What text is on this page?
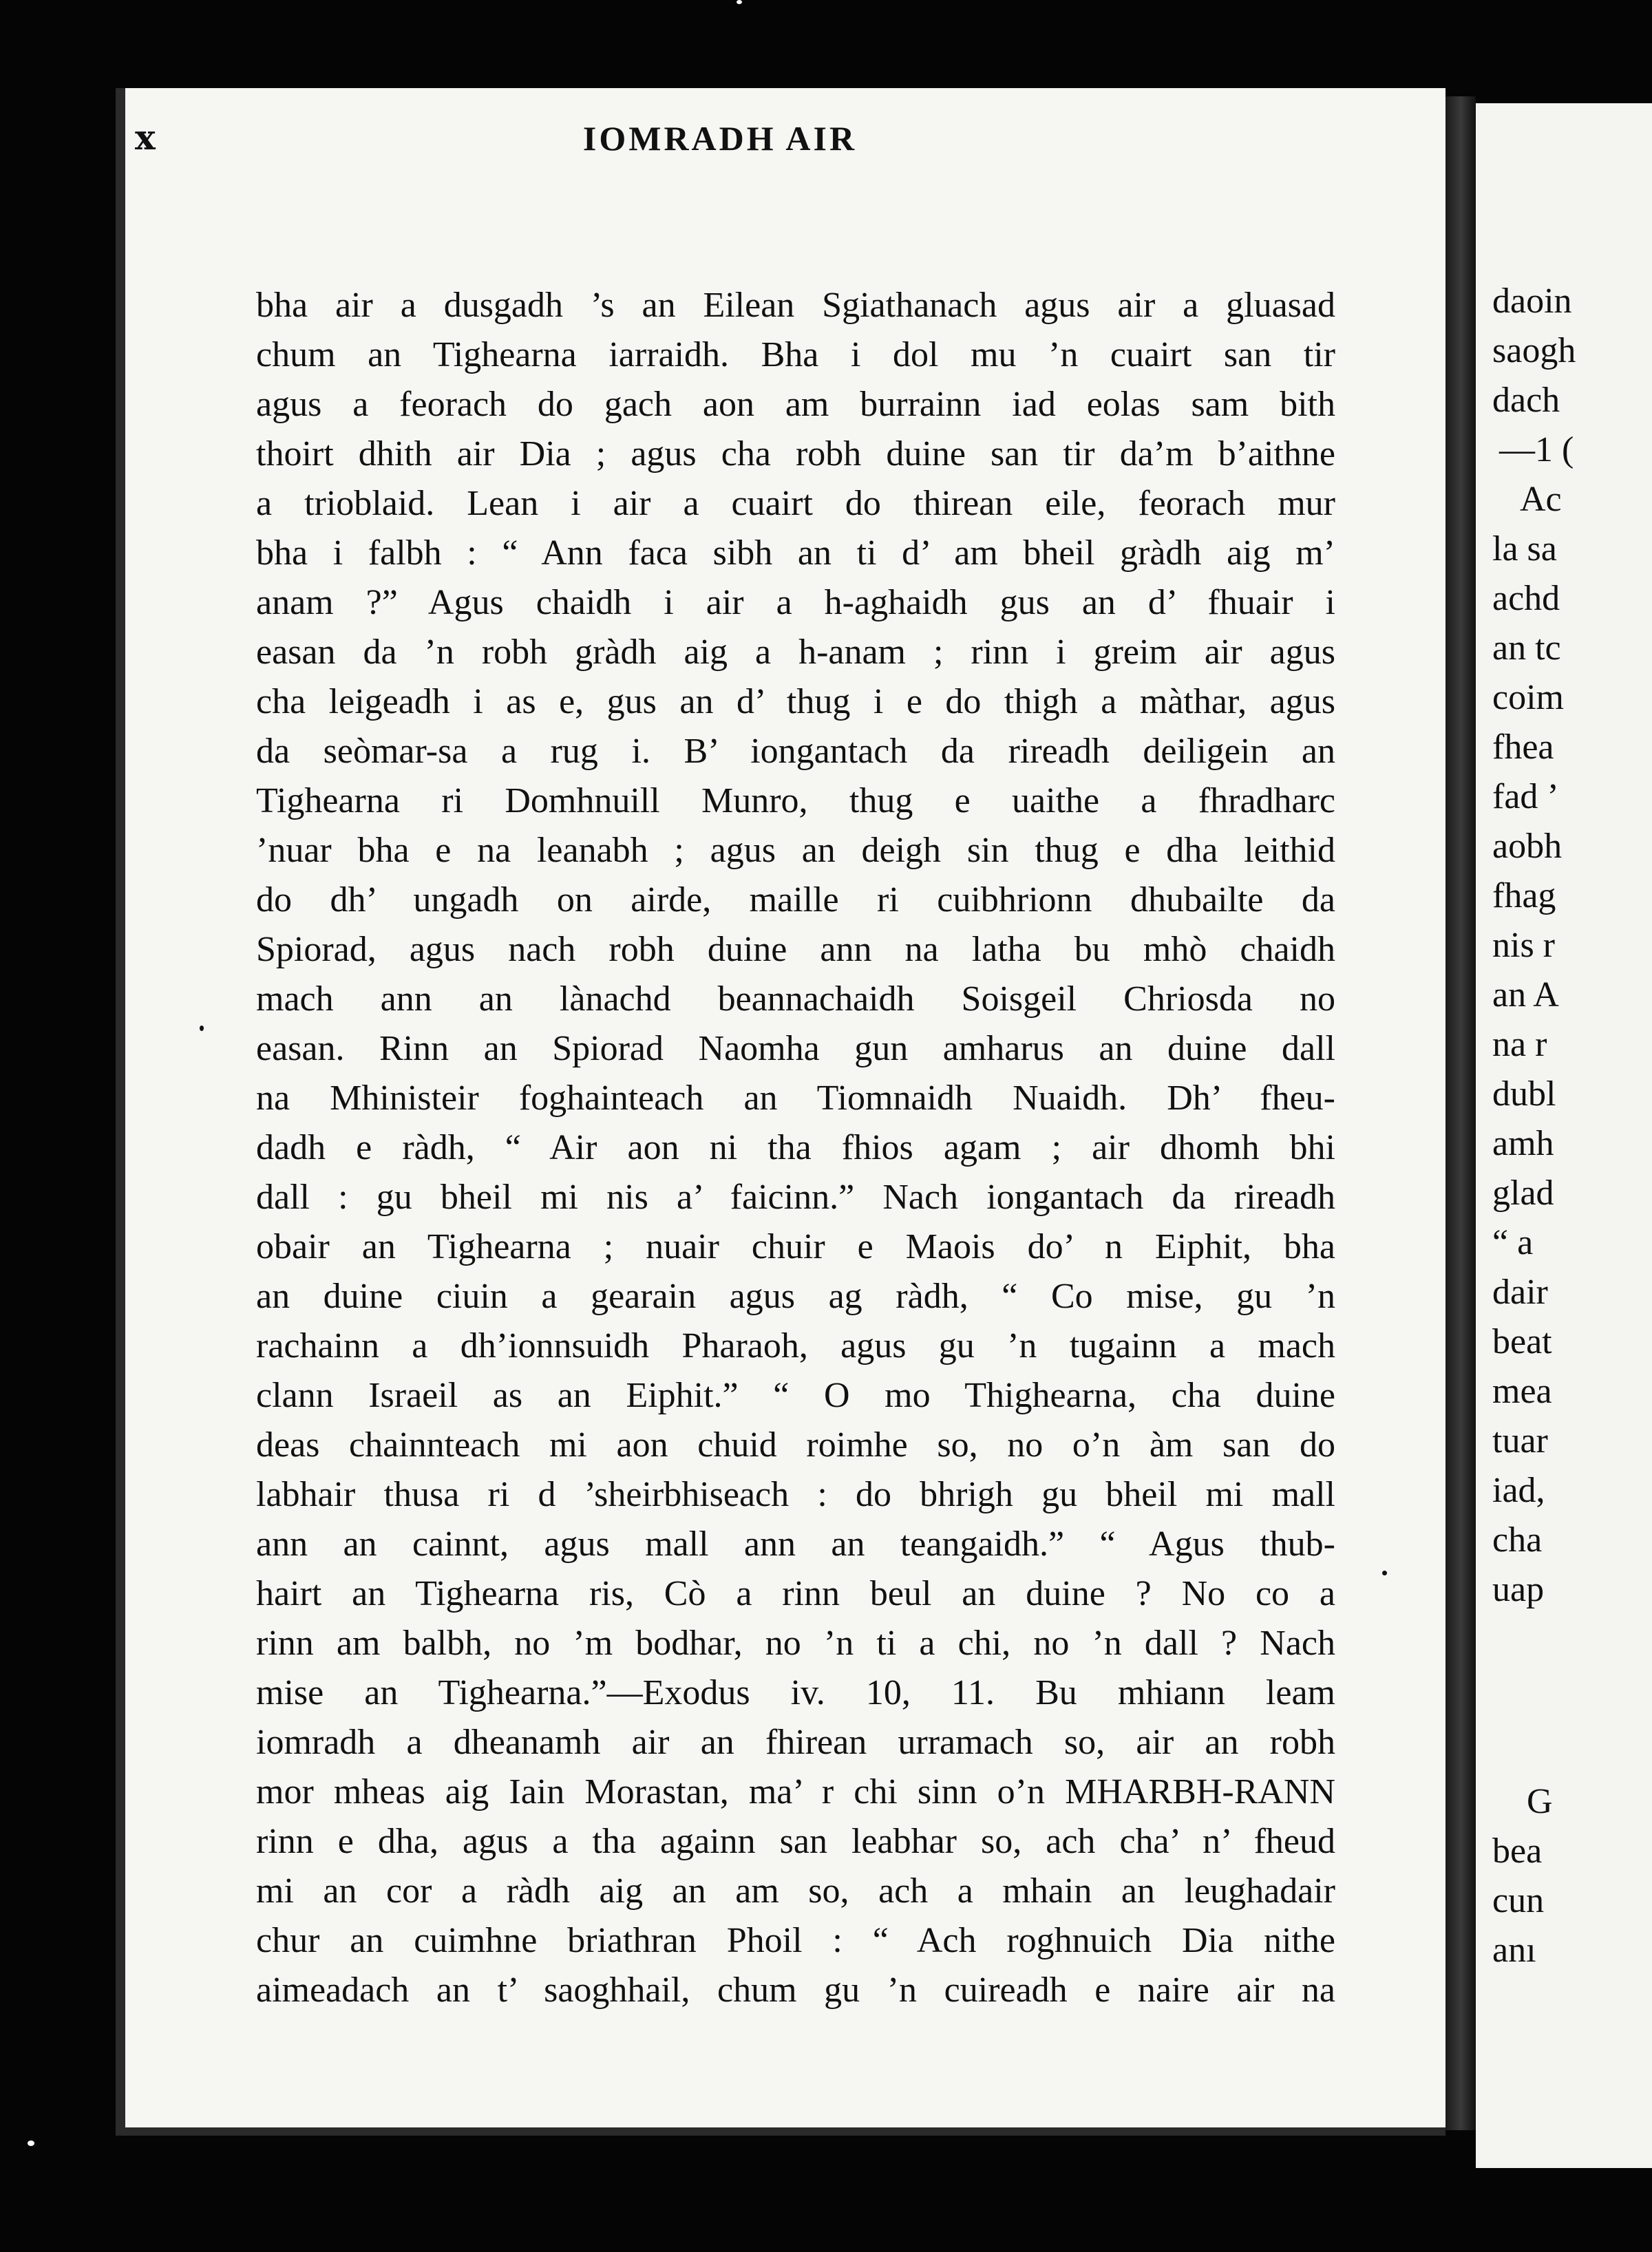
x	IOMRADH AIR
bha air a dusgadh ’s an Eilean Sgiathanach agus air a gluasad
chum an Tighearna iarraidh. Bha i dol mu ’n cuairt san tir
agus a feorach do gach aon am burrainn iad eolas sam bith
thoirt dhith air Dia ; agus cha robh duine san tir da’m b’aithne
a trioblaid. Lean i air a cuairt do thirean eile, feorach mur
bha i falbh : “ Ann faca sibh an ti d’ am bheil gràdh aig m’
anam ?” Agus chaidh i air a h-aghaidh gus an d’ fhuair i
easan da ’n robh gràdh aig a h-anam ; rinn i greim air agus
cha leigeadh i as e, gus an d’ thug i e do thigh a màthar, agus
da seòmar-sa a rug i. B’ iongantach da rireadh deiligein an
Tighearna ri Domhnuill Munro, thug e uaithe a fhradharc
’nuar bha e na leanabh ; agus an deigh sin thug e dha leithid
do dh’ ungadh on airde, maille ri cuibhrionn dhubailte da
Spiorad, agus nach robh duine ann na latha bu mhò chaidh
mach ann an lànachd beannachaidh Soisgeil Chriosda no
easan. Rinn an Spiorad Naomha gun amharus an duine dall
na Mhinisteir foghainteach an Tiomnaidh Nuaidh. Dh’ fheu-
dadh e ràdh, “ Air aon ni tha fhios agam ; air dhomh bhi
dall : gu bheil mi nis a’ faicinn.” Nach iongantach da rireadh
obair an Tighearna ; nuair chuir e Maois do’ n Eiphit, bha
an duine ciuin a gearain agus ag ràdh, “ Co mise, gu ’n
rachainn a dh’ionnsuidh Pharaoh, agus gu ’n tugainn a mach
clann Israeil as an Eiphit.” “ O mo Thighearna, cha duine
deas chainnteach mi aon chuid roimhe so, no o’n àm san do
labhair thusa ri d ’sheirbhiseach : do bhrigh gu bheil mi mall
ann an cainnt, agus mall ann an teangaidh.” “ Agus thub-
hairt an Tighearna ris, Cò a rinn beul an duine ? No co a
rinn am balbh, no ’m bodhar, no ’n ti a chi, no ’n dall ? Nach
mise an Tighearna.”—Exodus iv. 10, 11. Bu mhiann leam
iomradh a dheanamh air an fhirean urramach so, air an robh
mor mheas aig Iain Morastan, ma’ r chi sinn o’n MHARBH-RANN
rinn e dha, agus a tha againn san leabhar so, ach cha’ n’ fheud
mi an cor a ràdh aig an am so, ach a mhain an leughadair
chur an cuimhne briathran Phoil : “ Ach roghnuich Dia nithe
aimeadach an t’ saoghhail, chum gu ’n cuireadh e naire air na
daoin
saogh
dach
—1 (
Ac
la sa
achd
an tc
coim
fhea
fad ’
aobh
fhag
nis r
an A
na r
dubl
amh
glad
“ a
dair
beat
mea
tuar
iad,
cha
uap
G
bea
cun
anı
